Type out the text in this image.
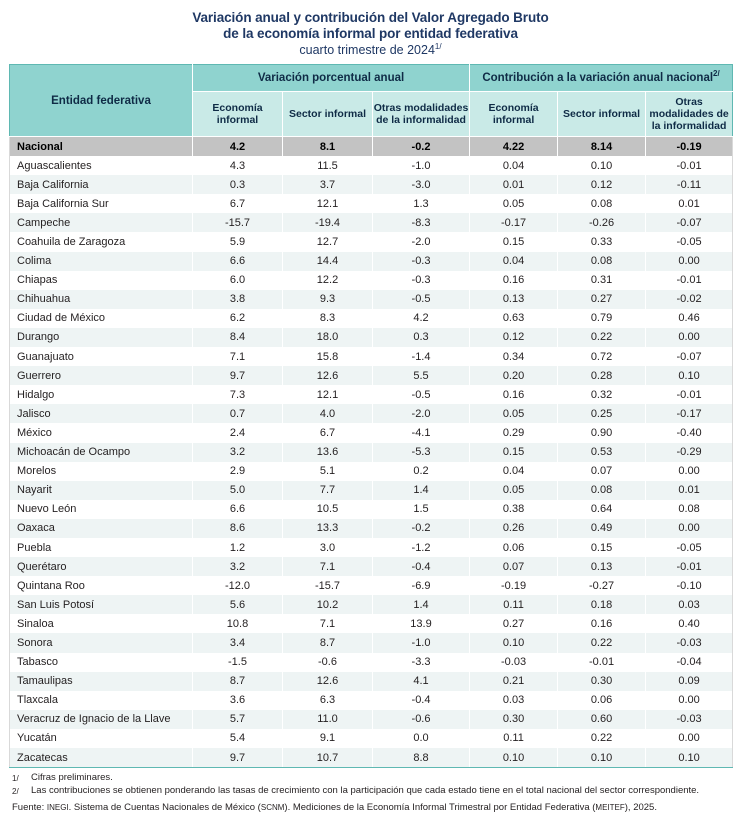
Variación anual y contribución del Valor Agregado Bruto
de la economía informal por entidad federativa
cuarto trimestre de $2024^{1/}$
Entidad federativa	Variación porcentual anual			Contribución a la variación anual nacional$^{2/}$
	Economía informal	Sector informal	Otras modalidades de la informalidad	Economía informal	Sector informal	Otras modalidades de la informalidad
Nacional	4.2	8.1	-0.2	4.22	8.14	-0.19
Aguascalientes	4.3	11.5	-1.0	0.04	0.10	-0.01
Baja California	0.3	3.7	-3.0	0.01	0.12	-0.11
Baja California Sur	6.7	12.1	1.3	0.05	0.08	0.01
Campeche	-15.7	-19.4	-8.3	-0.17	-0.26	-0.07
Coahuila de Zaragoza	5.9	12.7	-2.0	0.15	0.33	-0.05
Colima	6.6	14.4	-0.3	0.04	0.08	0.00
Chiapas	6.0	12.2	-0.3	0.16	0.31	-0.01
Chihuahua	3.8	9.3	-0.5	0.13	0.27	-0.02
Ciudad de México	6.2	8.3	4.2	0.63	0.79	0.46
Durango	8.4	18.0	0.3	0.12	0.22	0.00
Guanajuato	7.1	15.8	-1.4	0.34	0.72	-0.07
Guerrero	9.7	12.6	5.5	0.20	0.28	0.10
Hidalgo	7.3	12.1	-0.5	0.16	0.32	-0.01
Jalisco	0.7	4.0	-2.0	0.05	0.25	-0.17
México	2.4	6.7	-4.1	0.29	0.90	-0.40
Michoacán de Ocampo	3.2	13.6	-5.3	0.15	0.53	-0.29
Morelos	2.9	5.1	0.2	0.04	0.07	0.00
Nayarit	5.0	7.7	1.4	0.05	0.08	0.01
Nuevo León	6.6	10.5	1.5	0.38	0.64	0.08
Oaxaca	8.6	13.3	-0.2	0.26	0.49	0.00
Puebla	1.2	3.0	-1.2	0.06	0.15	-0.05
Querétaro	3.2	7.1	-0.4	0.07	0.13	-0.01
Quintana Roo	-12.0	-15.7	-6.9	-0.19	-0.27	-0.10
San Luis Potosí	5.6	10.2	1.4	0.11	0.18	0.03
Sinaloa	10.8	7.1	13.9	0.27	0.16	0.40
Sonora	3.4	8.7	-1.0	0.10	0.22	-0.03
Tabasco	-1.5	-0.6	-3.3	-0.03	-0.01	-0.04
Tamaulipas	8.7	12.6	4.1	0.21	0.30	0.09
Tlaxcala	3.6	6.3	-0.4	0.03	0.06	0.00
Veracruz de Ignacio de la Llave	5.7	11.0	-0.6	0.30	0.60	-0.03
Yucatán	5.4	9.1	0.0	0.11	0.22	0.00
Zacatecas	9.7	10.7	8.8	0.10	0.10	0.10
1/	Cifras preliminares.
2/	Las contribuciones se obtienen ponderando las tasas de crecimiento con la participación que cada estado tiene en el total nacional del sector correspondiente.
Fuente: INEGI. Sistema de Cuentas Nacionales de México (SCNM). Mediciones de la Economía Informal Trimestral por Entidad Federativa (MEITEF), 2025.
